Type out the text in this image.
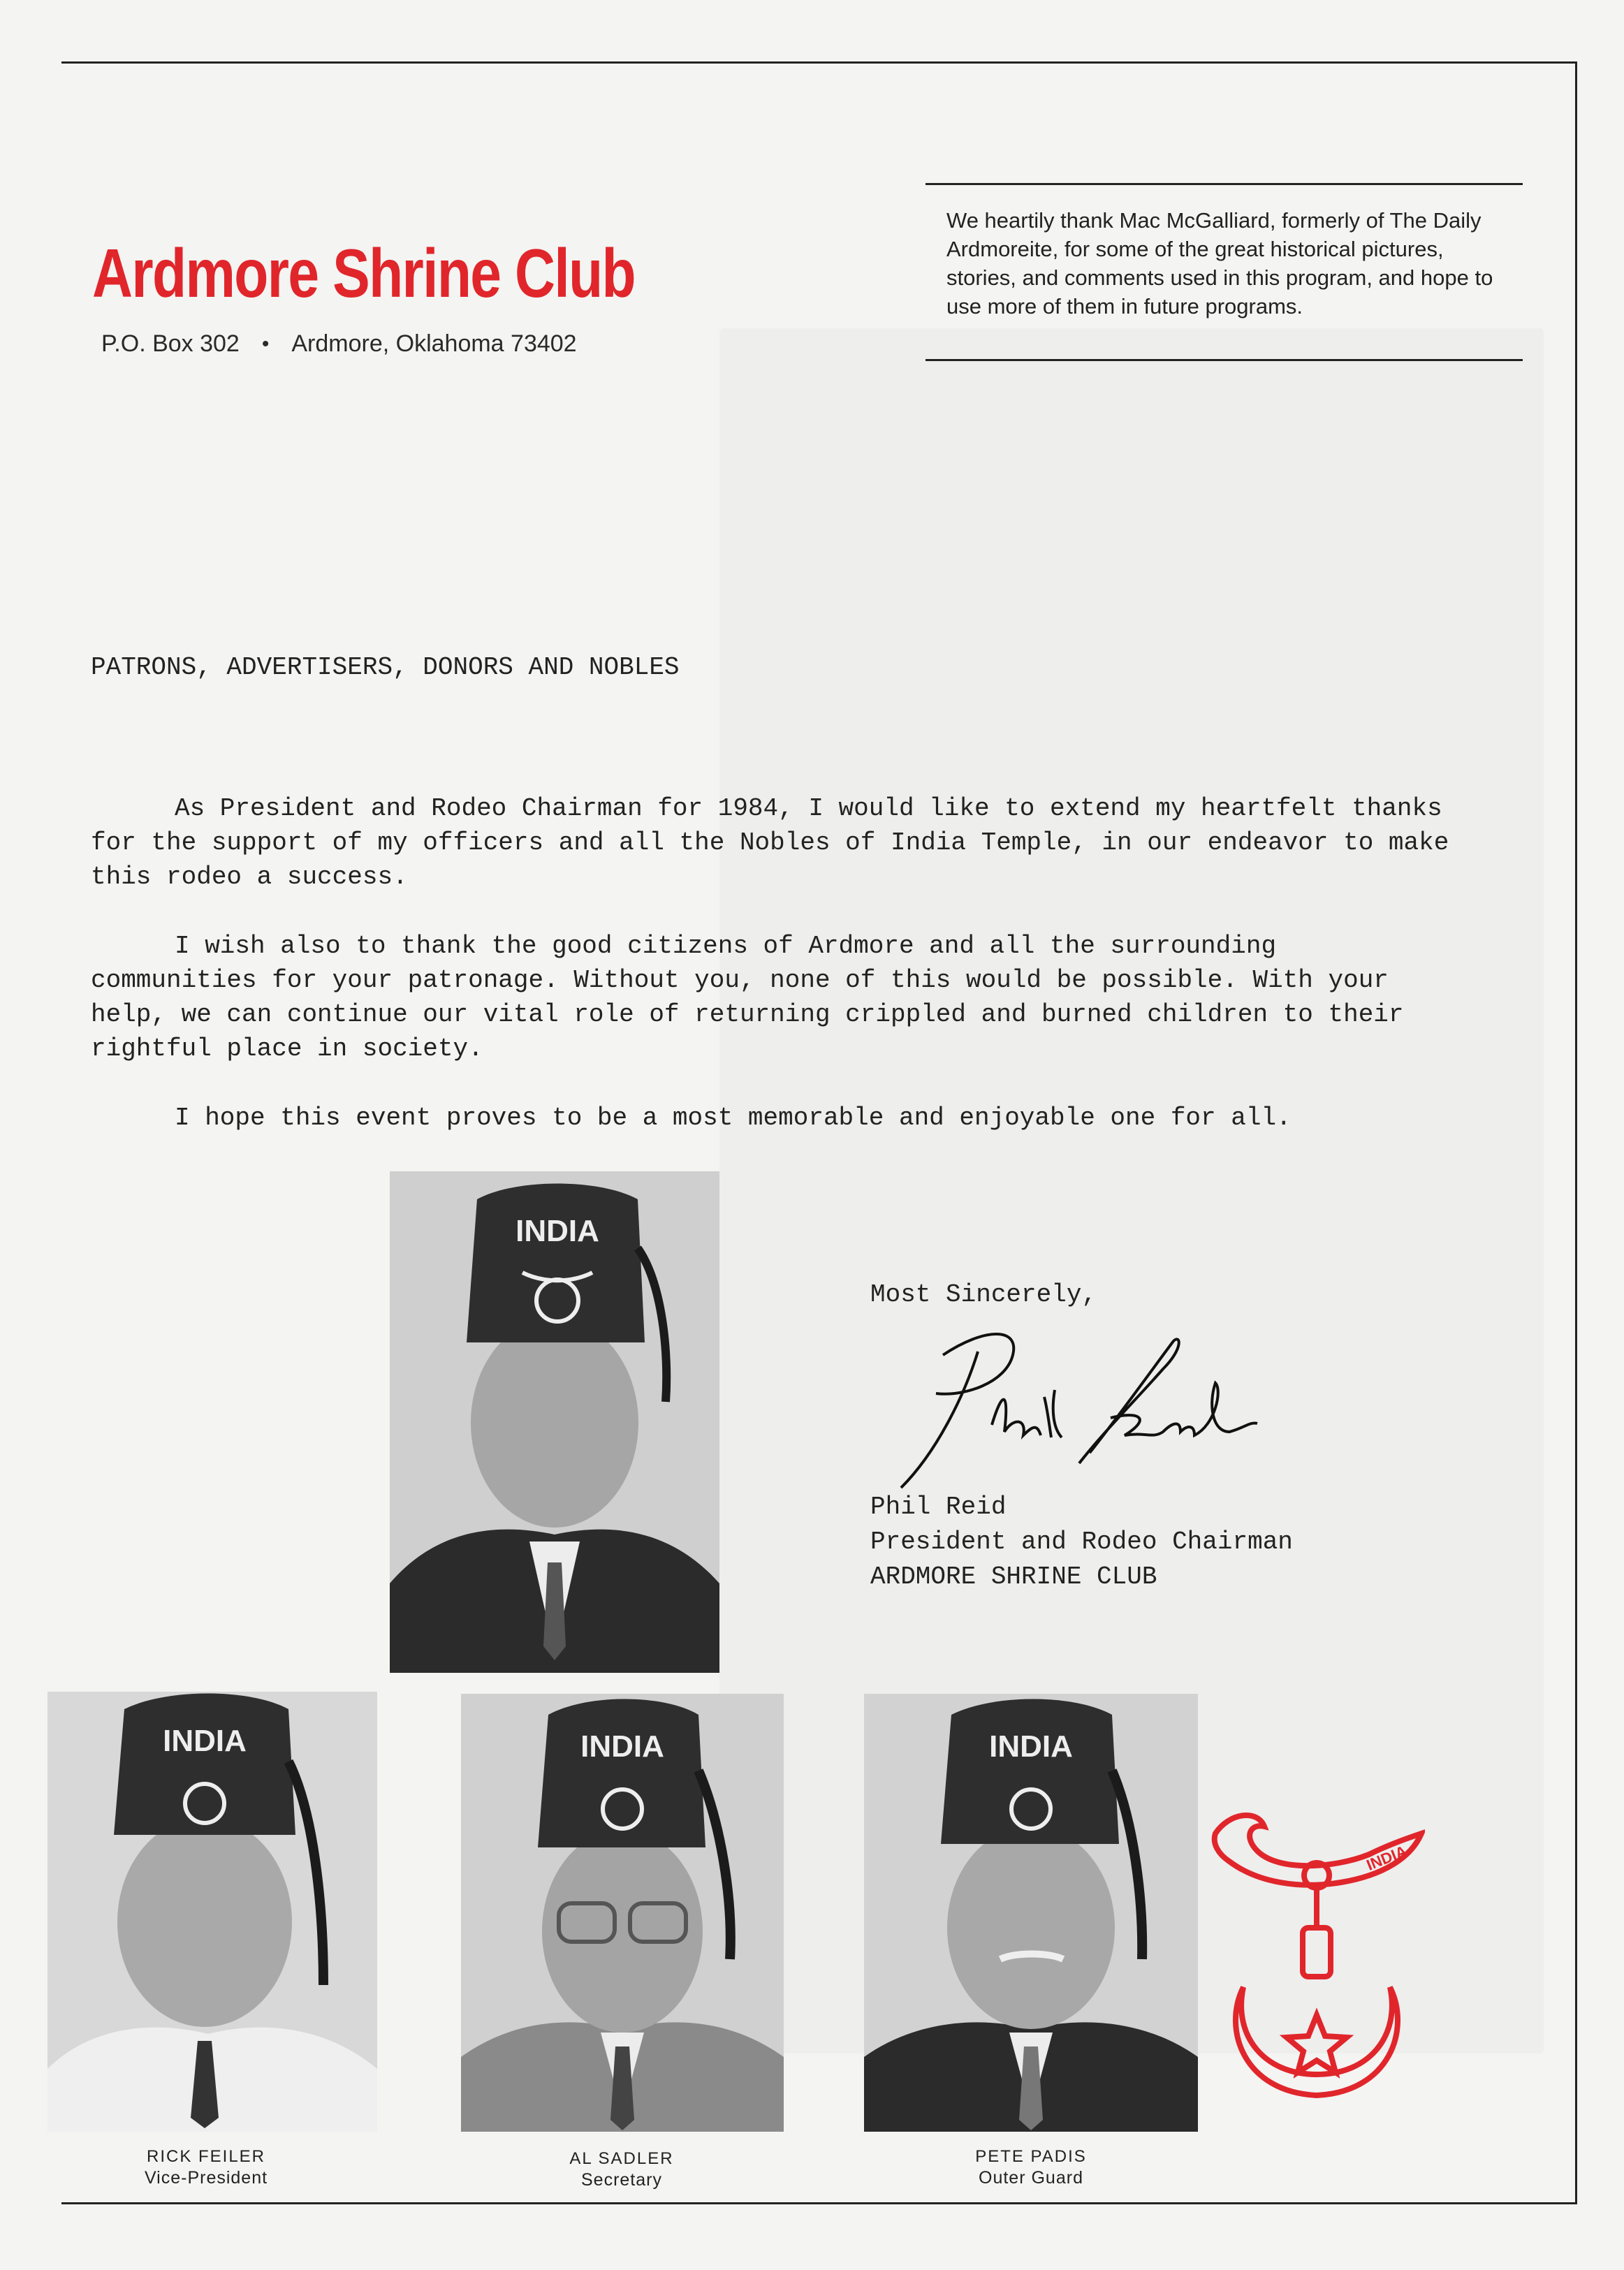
Ardmore Shrine Club
P.O. Box 302 • Ardmore, Oklahoma 73402
We heartily thank Mac McGalliard, formerly of The Daily Ardmoreite, for some of the great historical pictures, stories, and comments used in this program, and hope to use more of them in future programs.
PATRONS, ADVERTISERS, DONORS AND NOBLES

As President and Rodeo Chairman for 1984, I would like to extend my heartfelt thanks for the support of my officers and all the Nobles of India Temple, in our endeavor to make this rodeo a success.

I wish also to thank the good citizens of Ardmore and all the surrounding communities for your patronage. Without you, none of this would be possible. With your help, we can continue our vital role of returning crippled and burned children to their rightful place in society.

I hope this event proves to be a most memorable and enjoyable one for all.

Most Sincerely,
Phil Reid
President and Rodeo Chairman
ARDMORE SHRINE CLUB
INDIA
INDIA	INDIA	INDIA
RICK FEILER
Vice-President
AL SADLER
Secretary
PETE PADIS
Outer Guard
INDIA
